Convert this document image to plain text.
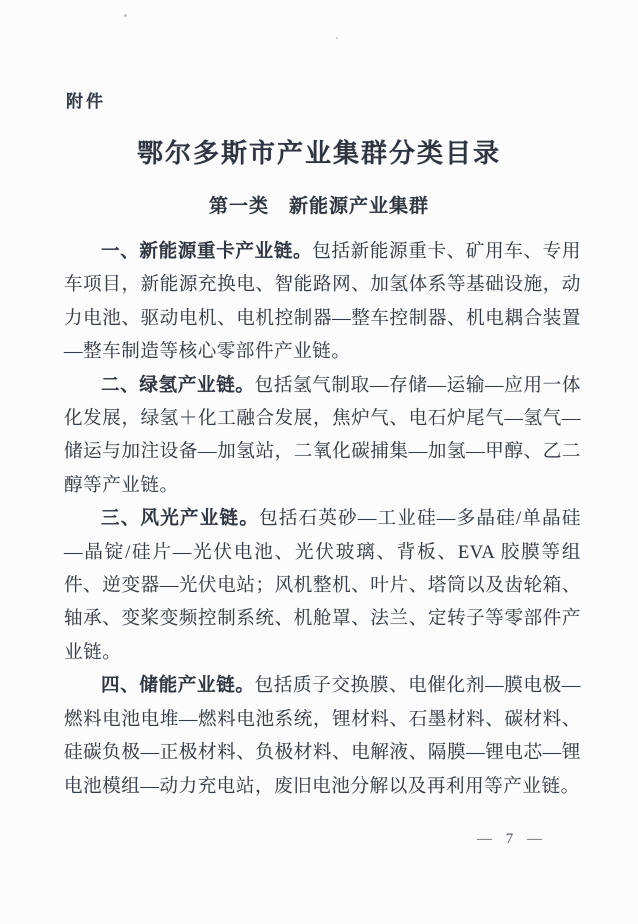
附件
鄂尔多斯市产业集群分类目录
第一类　新能源产业集群

一、新能源重卡产业链。包括新能源重卡、矿用车、专用车项目，新能源充换电、智能路网、加氢体系等基础设施，动力电池、驱动电机、电机控制器—整车控制器、机电耦合装置—整车制造等核心零部件产业链。

二、绿氢产业链。包括氢气制取—存储—运输—应用一体化发展，绿氢＋化工融合发展，焦炉气、电石炉尾气—氢气—储运与加注设备—加氢站，二氧化碳捕集—加氢—甲醇、乙二醇等产业链。

三、风光产业链。包括石英砂—工业硅—多晶硅/单晶硅—晶锭/硅片—光伏电池、光伏玻璃、背板、EVA 胶膜等组件、逆变器—光伏电站；风机整机、叶片、塔筒以及齿轮箱、轴承、变桨变频控制系统、机舱罩、法兰、定转子等零部件产业链。

四、储能产业链。包括质子交换膜、电催化剂—膜电极—燃料电池电堆—燃料电池系统，锂材料、石墨材料、碳材料、硅碳负极—正极材料、负极材料、电解液、隔膜—锂电芯—锂电池模组—动力充电站，废旧电池分解以及再利用等产业链。

— 7 —
